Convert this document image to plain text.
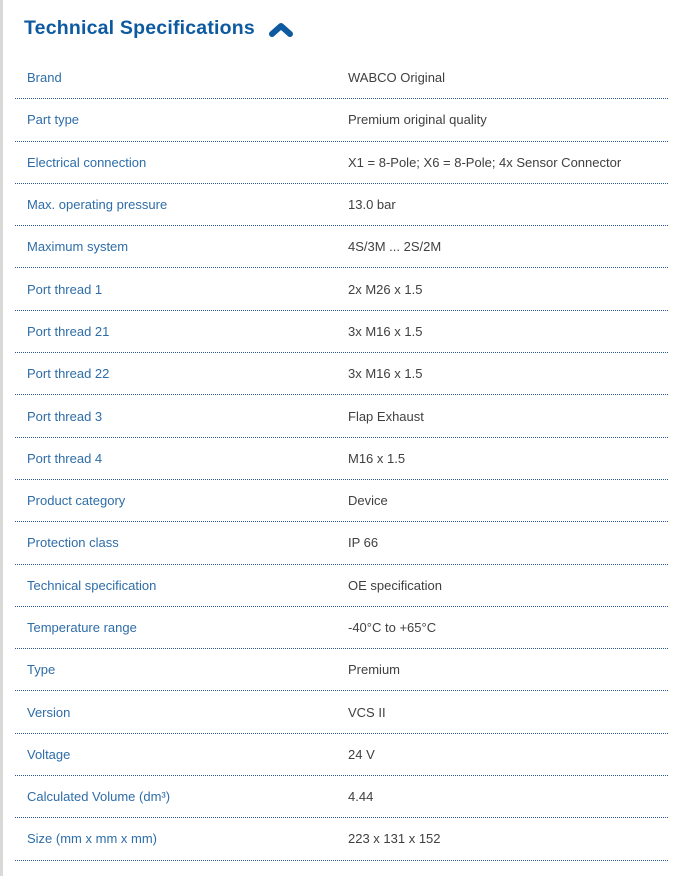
Technical Specifications
Brand	WABCO Original
Part type	Premium original quality
Electrical connection	X1 = 8-Pole; X6 = 8-Pole; 4x Sensor Connector
Max. operating pressure	13.0 bar
Maximum system	4S/3M ... 2S/2M
Port thread 1	2x M26 x 1.5
Port thread 21	3x M16 x 1.5
Port thread 22	3x M16 x 1.5
Port thread 3	Flap Exhaust
Port thread 4	M16 x 1.5
Product category	Device
Protection class	IP 66
Technical specification	OE specification
Temperature range	-40°C to +65°C
Type	Premium
Version	VCS II
Voltage	24 V
Calculated Volume (dm³)	4.44
Size (mm x mm x mm)	223 x 131 x 152
